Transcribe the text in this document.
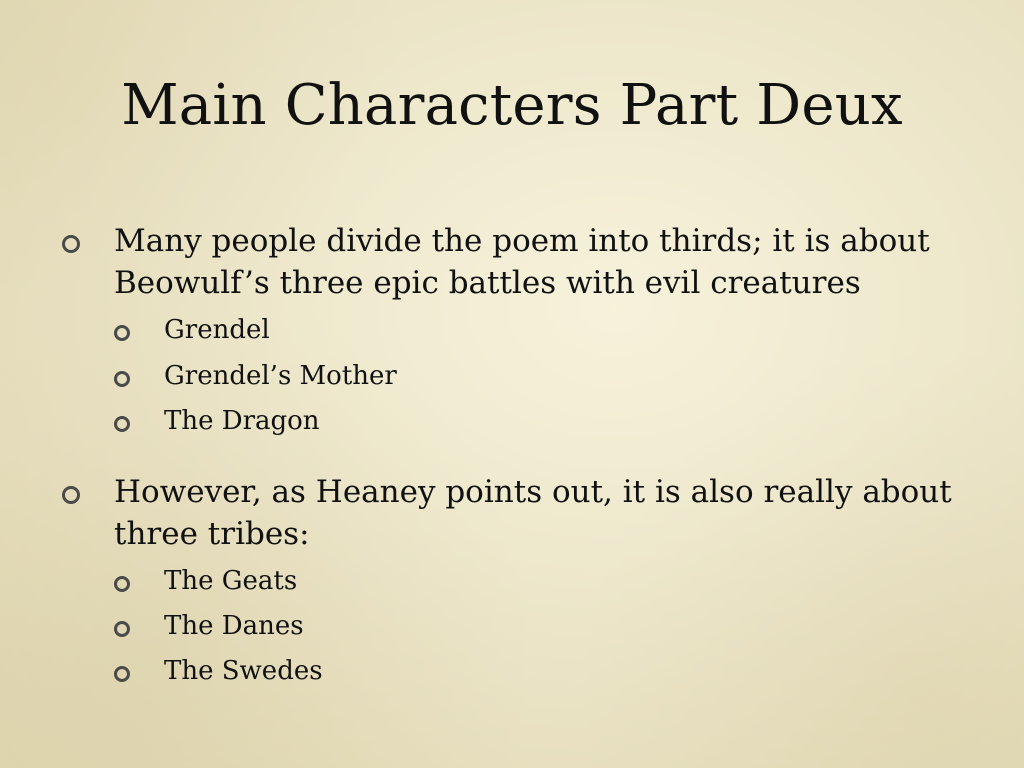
Main Characters Part Deux
Many people divide the poem into thirds; it is about Beowulf’s three epic battles with evil creatures
Grendel
Grendel’s Mother
The Dragon
However, as Heaney points out, it is also really about three tribes:
The Geats
The Danes
The Swedes
